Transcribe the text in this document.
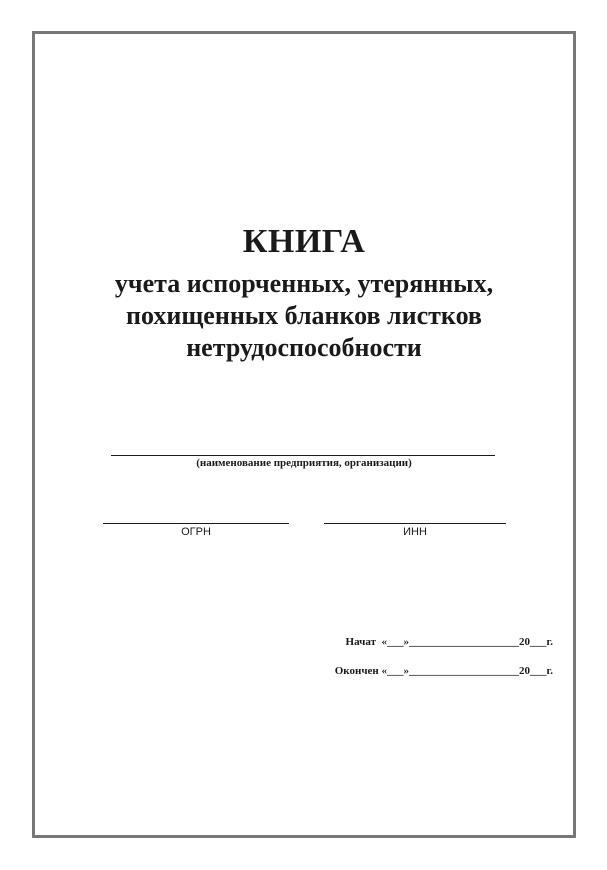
КНИГА
учета испорченных, утерянных,
похищенных бланков листков
нетрудоспособности
(наименование предприятия, организации)
ОГРН	ИНН
Начат  «___»____________________20___г.
Окончен «___»____________________20___г.
